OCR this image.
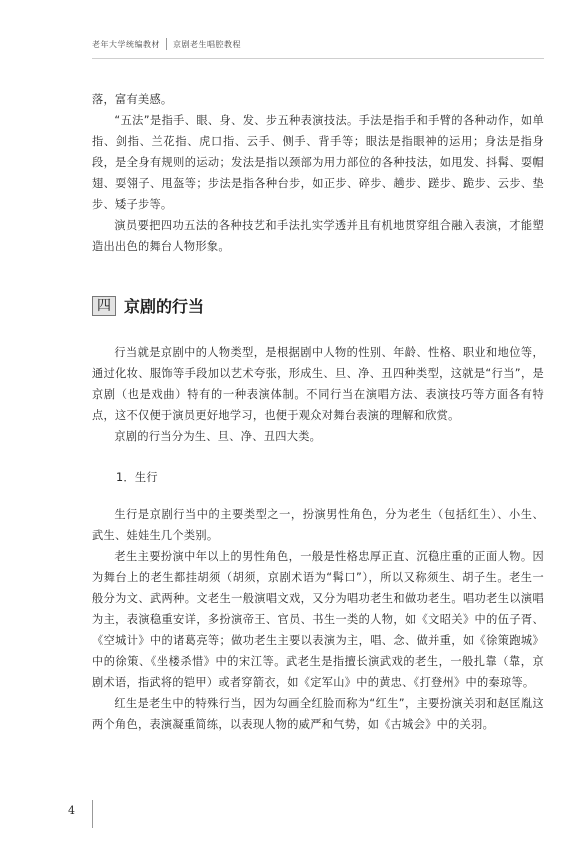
老年大学统编教材 京剧老生唱腔教程

落，富有美感。

“五法”是指手、眼、身、发、步五种表演技法。手法是指手和手臂的各种动作，如单指、剑指、兰花指、虎口指、云手、侧手、背手等；眼法是指眼神的运用；身法是指身段，是全身有规则的运动；发法是指以颈部为用力部位的各种技法，如甩发、抖髯、耍帽翅、耍翎子、甩盔等；步法是指各种台步，如正步、碎步、趟步、蹉步、跪步、云步、垫步、矮子步等。

演员要把四功五法的各种技艺和手法扎实学透并且有机地贯穿组合融入表演，才能塑造出出色的舞台人物形象。

四 京剧的行当

行当就是京剧中的人物类型，是根据剧中人物的性别、年龄、性格、职业和地位等，通过化妆、服饰等手段加以艺术夸张，形成生、旦、净、丑四种类型，这就是“行当”，是京剧（也是戏曲）特有的一种表演体制。不同行当在演唱方法、表演技巧等方面各有特点，这不仅便于演员更好地学习，也便于观众对舞台表演的理解和欣赏。

京剧的行当分为生、旦、净、丑四大类。

1．生行

生行是京剧行当中的主要类型之一，扮演男性角色，分为老生（包括红生）、小生、武生、娃娃生几个类别。

老生主要扮演中年以上的男性角色，一般是性格忠厚正直、沉稳庄重的正面人物。因为舞台上的老生都挂胡须（胡须，京剧术语为“髯口”），所以又称须生、胡子生。老生一般分为文、武两种。文老生一般演唱文戏，又分为唱功老生和做功老生。唱功老生以演唱为主，表演稳重安详，多扮演帝王、官员、书生一类的人物，如《文昭关》中的伍子胥、《空城计》中的诸葛亮等；做功老生主要以表演为主，唱、念、做并重，如《徐策跑城》中的徐策、《坐楼杀惜》中的宋江等。武老生是指擅长演武戏的老生，一般扎靠（靠，京剧术语，指武将的铠甲）或者穿箭衣，如《定军山》中的黄忠、《打登州》中的秦琼等。

红生是老生中的特殊行当，因为勾画全红脸而称为“红生”，主要扮演关羽和赵匡胤这两个角色，表演凝重简练，以表现人物的威严和气势，如《古城会》中的关羽。

4
